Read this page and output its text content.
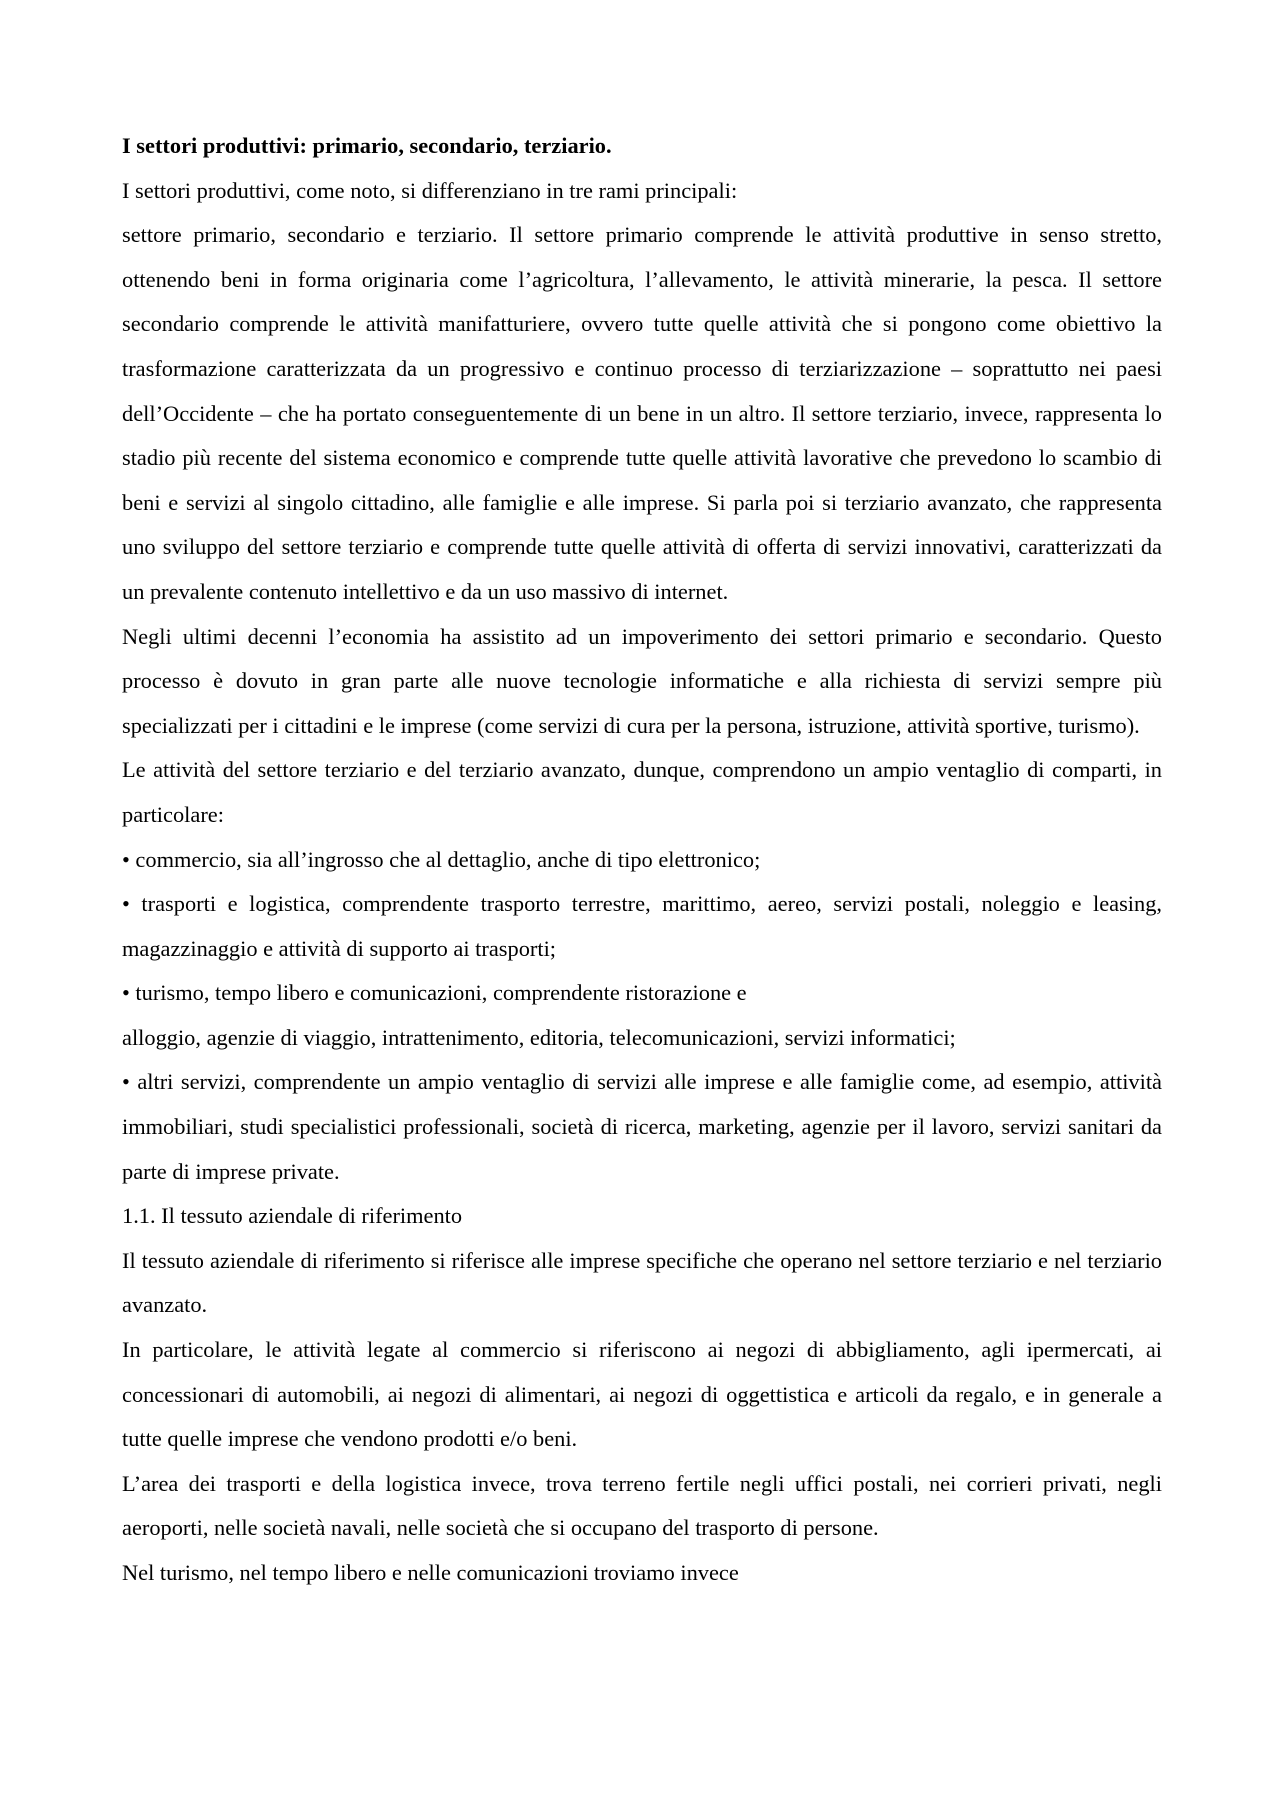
I settori produttivi: primario, secondario, terziario.

I settori produttivi, come noto, si differenziano in tre rami principali:

settore primario, secondario e terziario. Il settore primario comprende le attività produttive in senso stretto, ottenendo beni in forma originaria come l’agricoltura, l’allevamento, le attività minerarie, la pesca. Il settore secondario comprende le attività manifatturiere, ovvero tutte quelle attività che si pongono come obiettivo la trasformazione caratterizzata da un progressivo e continuo processo di terziarizzazione – soprattutto nei paesi dell’Occidente – che ha portato conseguentemente di un bene in un altro. Il settore terziario, invece, rappresenta lo stadio più recente del sistema economico e comprende tutte quelle attività lavorative che prevedono lo scambio di beni e servizi al singolo cittadino, alle famiglie e alle imprese. Si parla poi si terziario avanzato, che rappresenta uno sviluppo del settore terziario e comprende tutte quelle attività di offerta di servizi innovativi, caratterizzati da un prevalente contenuto intellettivo e da un uso massivo di internet.

Negli ultimi decenni l’economia ha assistito ad un impoverimento dei settori primario e secondario. Questo processo è dovuto in gran parte alle nuove tecnologie informatiche e alla richiesta di servizi sempre più specializzati per i cittadini e le imprese (come servizi di cura per la persona, istruzione, attività sportive, turismo).

Le attività del settore terziario e del terziario avanzato, dunque, comprendono un ampio ventaglio di comparti, in particolare:

• commercio, sia all’ingrosso che al dettaglio, anche di tipo elettronico;

• trasporti e logistica, comprendente trasporto terrestre, marittimo, aereo, servizi postali, noleggio e leasing, magazzinaggio e attività di supporto ai trasporti;

• turismo, tempo libero e comunicazioni, comprendente ristorazione e

alloggio, agenzie di viaggio, intrattenimento, editoria, telecomunicazioni, servizi informatici;

• altri servizi, comprendente un ampio ventaglio di servizi alle imprese e alle famiglie come, ad esempio, attività immobiliari, studi specialistici professionali, società di ricerca, marketing, agenzie per il lavoro, servizi sanitari da parte di imprese private.

1.1. Il tessuto aziendale di riferimento

Il tessuto aziendale di riferimento si riferisce alle imprese specifiche che operano nel settore terziario e nel terziario avanzato.

In particolare, le attività legate al commercio si riferiscono ai negozi di abbigliamento, agli ipermercati, ai concessionari di automobili, ai negozi di alimentari, ai negozi di oggettistica e articoli da regalo, e in generale a tutte quelle imprese che vendono prodotti e/o beni.

L’area dei trasporti e della logistica invece, trova terreno fertile negli uffici postali, nei corrieri privati, negli aeroporti, nelle società navali, nelle società che si occupano del trasporto di persone.

Nel turismo, nel tempo libero e nelle comunicazioni troviamo invece
